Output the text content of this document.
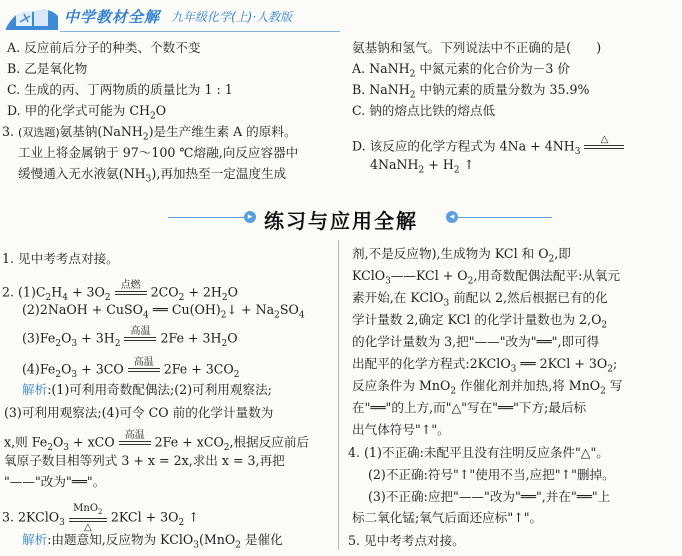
中学教材全解 九年级化学(上)·人教版
A. 反应前后分子的种类、个数不变
B. 乙是氧化物
C. 生成的丙、丁两物质的质量比为 1 : 1
D. 甲的化学式可能为 $CH_2O$
3. (双选题)氨基钠(NaNH$_2$)是生产维生素 A 的原料。
工业上将金属钠于 97～100 ℃熔融,向反应容器中
缓慢通入无水液氨$(NH_3)$,再加热至一定温度生成
氨基钠和氢气。下列说法中不正确的是(　　)
A. NaNH$_2$ 中氮元素的化合价为－3 价
B. NaNH$_2$ 中钠元素的质量分数为 35.9%
C. 钠的熔点比铁的熔点低
D. 该反应的化学方程式为 $4Na + 4NH_3$
△

4NaNH$_2$ + $H_2$ ↑
▸ 练习与应用全解	◂
1. 见中考考点对接。
2. $(1)C_2H_4 + 3O_2$
点燃
$2CO_2 + 2H_2O$
(2)2NaOH + CuSO$_4$ ══ $Cu(OH)_2↓ + Na_2SO_4$
$(3)Fe_2O_3 + 3H_2$
高温
$2Fe + 3H_2O$
$(4)Fe_2O_3 + 3CO$ 高温
$2Fe + 3CO_2$
解析:(1)可利用奇数配偶法;(2)可利用观察法;
(3)可利用观察法;(4)可令 CO 前的化学计量数为
x,则 $Fe_2O_3$ + xCO 高温
2Fe + xCO$_2$,根据反应前后
氧原子数目相等列式 3 + x = 2x,求出 x = 3,再把
"——"改为"══"。
3. 2KClO$_3$
MnO$_2$
△
$2KCl + 3O_2$ ↑
解析:由题意知,反应物为 KClO$_3$(MnO$_2$ 是催化
剂,不是反应物),生成物为 KCl 和 $O_2$,即
KClO$_3$——KCl + $O_2$,用奇数配偶法配平:从氧元
素开始,在 KClO$_3$ 前配以 2,然后根据已有的化
学计量数 2,确定 KCl 的化学计量数也为 $2,O_2$
的化学计量数为 3,把"——"改为"══",即可得
出配平的化学方程式:2KClO$_3$ ══ $2KCl + 3O_2$;
反应条件为 MnO$_2$ 作催化剂并加热,将 MnO$_2$ 写
在"══"的上方,而"△"写在"══"下方;最后标
出气体符号"↑"。
4. (1)不正确:未配平且没有注明反应条件"△"。
(2)不正确:符号"↑"使用不当,应把"↑"删掉。
(3)不正确:应把"——"改为"══",并在"══"上
标二氧化锰;氧气后面还应标"↑"。
5. 见中考考点对接。
